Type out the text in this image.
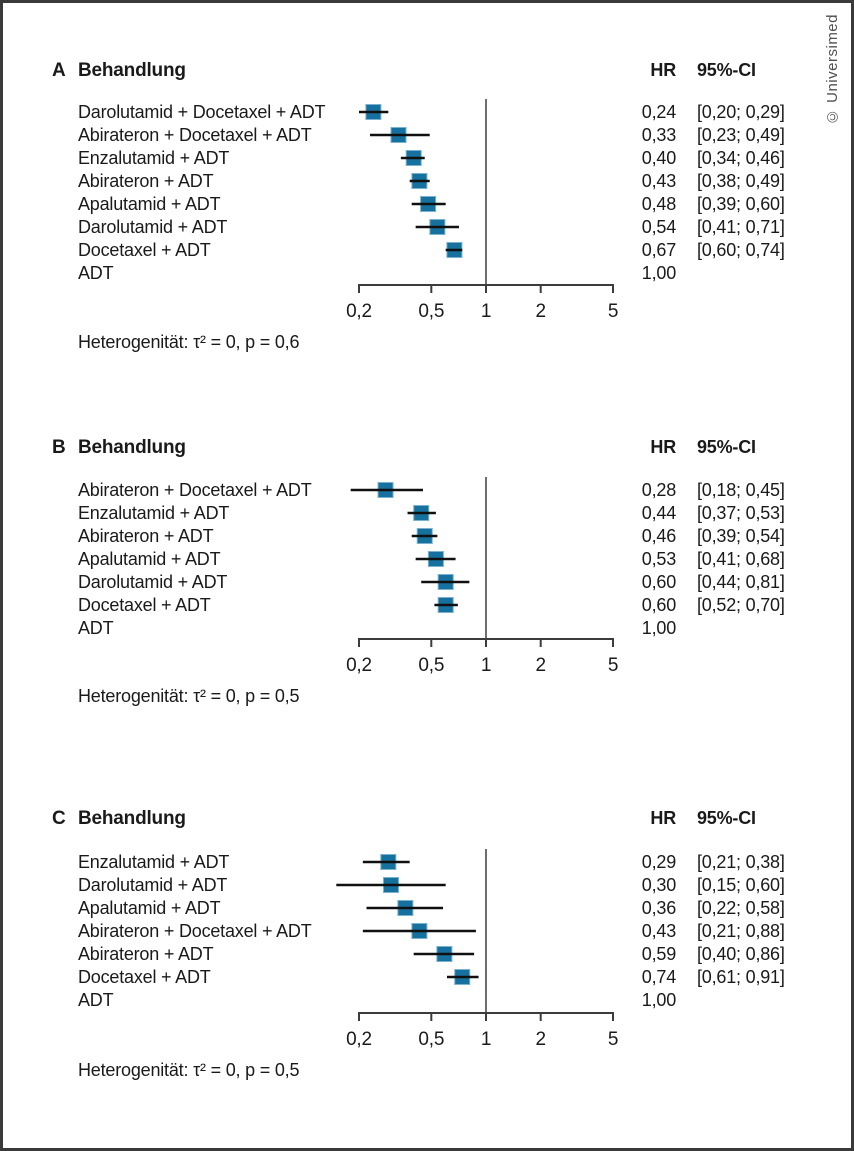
© Universimed
A Behandlung	HR 95%-CI
Darolutamid + Docetaxel + ADT	0,24 [0,20; 0,29]
Abirateron + Docetaxel + ADT	0,33 [0,23; 0,49]
Enzalutamid + ADT	0,40 [0,34; 0,46]
Abirateron + ADT	0,43 [0,38; 0,49]
Apalutamid + ADT	0,48 [0,39; 0,60]
Darolutamid + ADT	0,54 [0,41; 0,71]
Docetaxel + ADT	0,67 [0,60; 0,74]
ADT	1,00
0,2	0,5	1	2	5
Heterogenität: τ² = 0, p = 0,6
B Behandlung	HR 95%-CI
Abirateron + Docetaxel + ADT	0,28 [0,18; 0,45]
Enzalutamid + ADT	0,44 [0,37; 0,53]
Abirateron + ADT	0,46 [0,39; 0,54]
Apalutamid + ADT	0,53 [0,41; 0,68]
Darolutamid + ADT	0,60 [0,44; 0,81]
Docetaxel + ADT	0,60 [0,52; 0,70]
ADT	1,00
0,2	0,5	1	2	5
Heterogenität: τ² = 0, p = 0,5
C Behandlung	HR 95%-CI
Enzalutamid + ADT	0,29 [0,21; 0,38]
Darolutamid + ADT	0,30 [0,15; 0,60]
Apalutamid + ADT	0,36 [0,22; 0,58]
Abirateron + Docetaxel + ADT	0,43 [0,21; 0,88]
Abirateron + ADT	0,59 [0,40; 0,86]
Docetaxel + ADT	0,74 [0,61; 0,91]
ADT	1,00
0,2	0,5	1	2	5
Heterogenität: τ² = 0, p = 0,5
